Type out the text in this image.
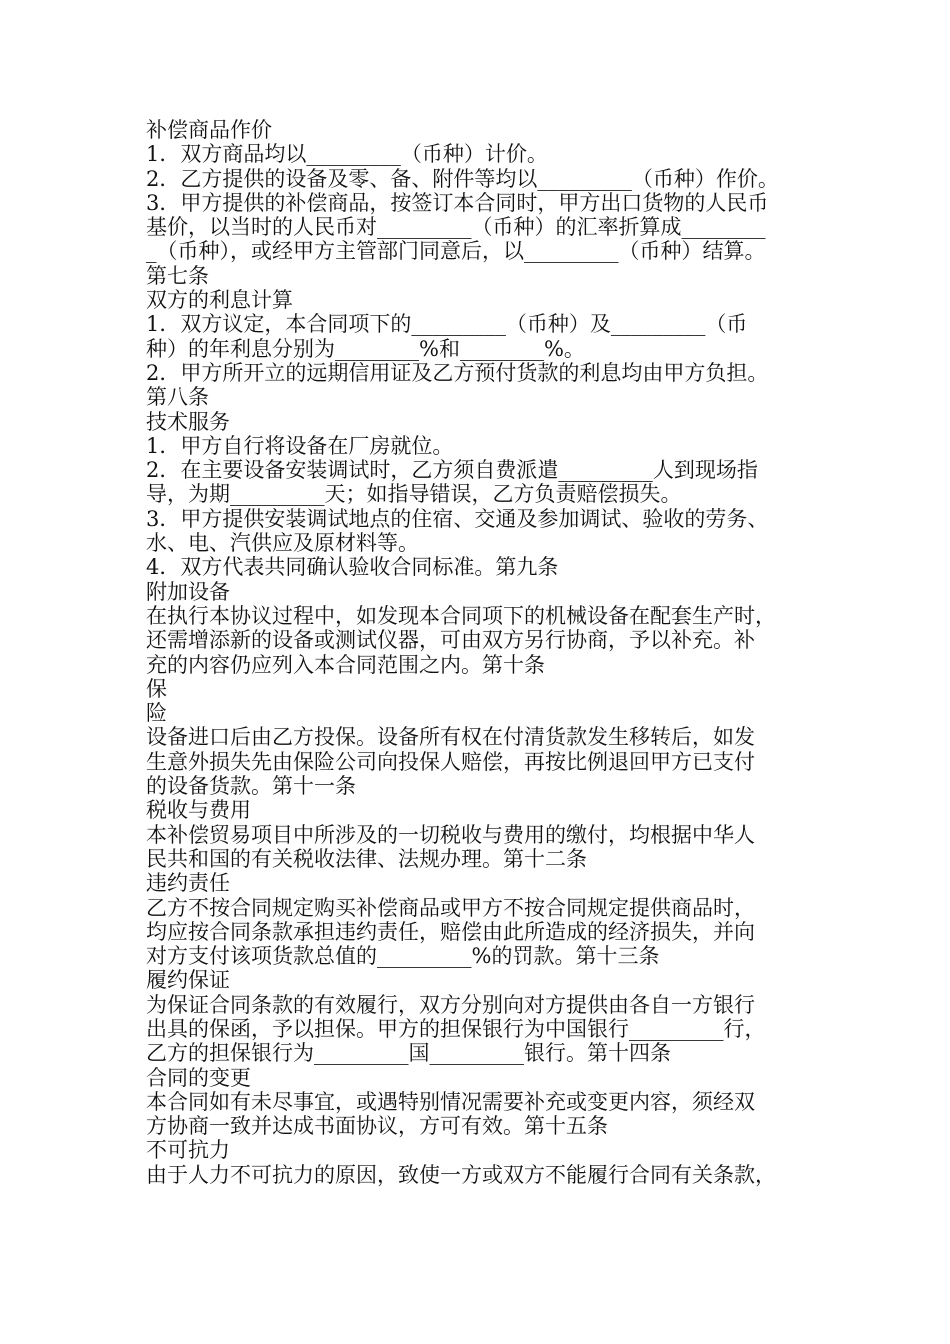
补偿商品作价
1．双方商品均以_________（币种）计价。
2．乙方提供的设备及零、备、附件等均以_________（币种）作价。
3．甲方提供的补偿商品，按签订本合同时，甲方出口货物的人民币
基价，以当时的人民币对_________（币种）的汇率折算成________
_（币种），或经甲方主管部门同意后，以_________（币种）结算。
第七条
双方的利息计算
1．双方议定，本合同项下的_________（币种）及_________（币
种）的年利息分别为________%和________%。
2．甲方所开立的远期信用证及乙方预付货款的利息均由甲方负担。
第八条
技术服务
1．甲方自行将设备在厂房就位。
2．在主要设备安装调试时，乙方须自费派遣_________人到现场指
导，为期_________天；如指导错误，乙方负责赔偿损失。
3．甲方提供安装调试地点的住宿、交通及参加调试、验收的劳务、
水、电、汽供应及原材料等。
4．双方代表共同确认验收合同标准。第九条
附加设备
在执行本协议过程中，如发现本合同项下的机械设备在配套生产时，
还需增添新的设备或测试仪器，可由双方另行协商，予以补充。补
充的内容仍应列入本合同范围之内。第十条
保
险
设备进口后由乙方投保。设备所有权在付清货款发生移转后，如发
生意外损失先由保险公司向投保人赔偿，再按比例退回甲方已支付
的设备货款。第十一条
税收与费用
本补偿贸易项目中所涉及的一切税收与费用的缴付，均根据中华人
民共和国的有关税收法律、法规办理。第十二条
违约责任
乙方不按合同规定购买补偿商品或甲方不按合同规定提供商品时，
均应按合同条款承担违约责任，赔偿由此所造成的经济损失，并向
对方支付该项货款总值的_________%的罚款。第十三条
履约保证
为保证合同条款的有效履行，双方分别向对方提供由各自一方银行
出具的保函，予以担保。甲方的担保银行为中国银行_________行，
乙方的担保银行为_________国_________银行。第十四条
合同的变更
本合同如有未尽事宜，或遇特别情况需要补充或变更内容，须经双
方协商一致并达成书面协议，方可有效。第十五条
不可抗力
由于人力不可抗力的原因，致使一方或双方不能履行合同有关条款，
